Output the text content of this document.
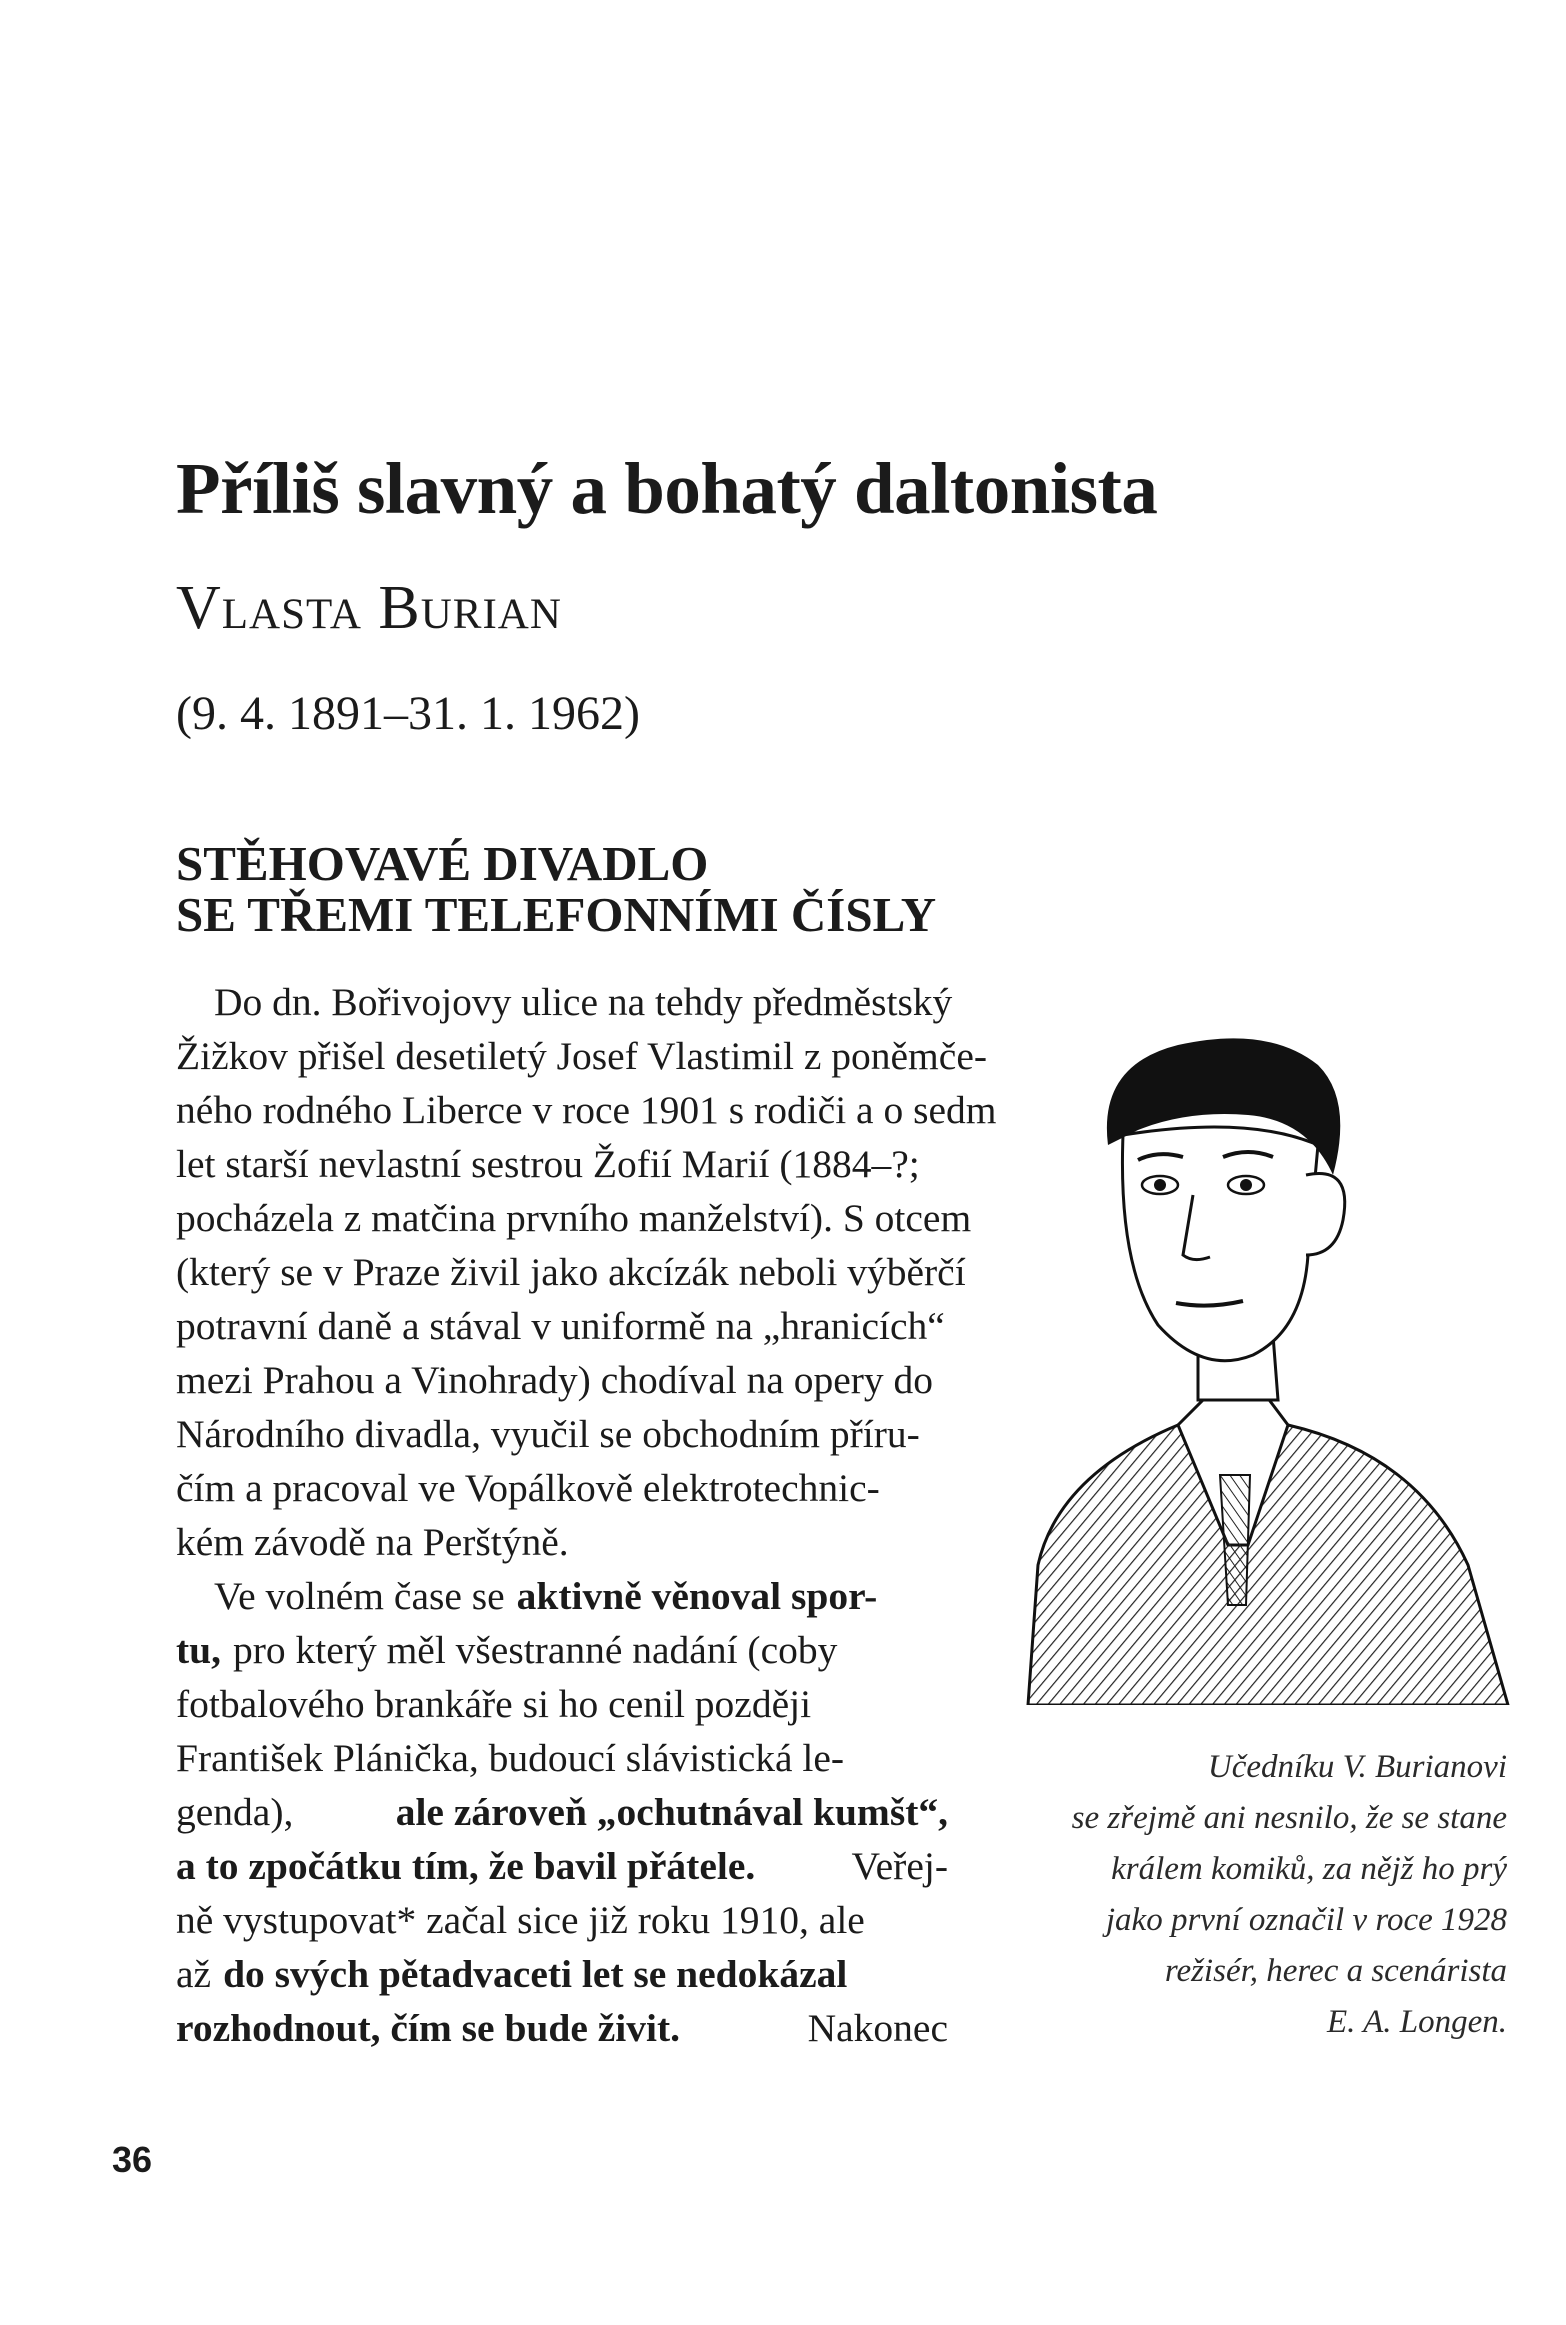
Příliš slavný a bohatý daltonista
Vlasta Burian
(9. 4. 1891–31. 1. 1962)
STĚHOVAVÉ DIVADLO
SE TŘEMI TELEFONNÍMI ČÍSLY
Do dn. Bořivojovy ulice na tehdy předměstský
Žižkov přišel desetiletý Josef Vlastimil z poněmče-
ného rodného Liberce v roce 1901 s rodiči a o sedm
let starší nevlastní sestrou Žofií Marií (1884–?;
pocházela z matčina prvního manželství). S otcem
(který se v Praze živil jako akcízák neboli výběrčí
potravní daně a stával v uniformě na „hranicích“
mezi Prahou a Vinohrady) chodíval na opery do
Národního divadla, vyučil se obchodním příru-
čím a pracoval ve Vopálkově elektrotechnic-
kém závodě na Perštýně.
Ve volném čase se aktivně věnoval spor-
tu, pro který měl všestranné nadání (coby
fotbalového brankáře si ho cenil později
František Plánička, budoucí slávistická le-
genda),	ale zároveň „ochutnával kumšt“,
a to zpočátku tím, že bavil přátele. Veřej-
ně vystupovat* začal sice již roku 1910, ale
až do svých pětadvaceti let se nedokázal
rozhodnout, čím se bude živit.	Nakonec
Učedníku V. Burianovi
se zřejmě ani nesnilo, že se stane
králem komiků, za nějž ho prý
jako první označil v roce 1928
režisér, herec a scenárista
E. A. Longen.
36
